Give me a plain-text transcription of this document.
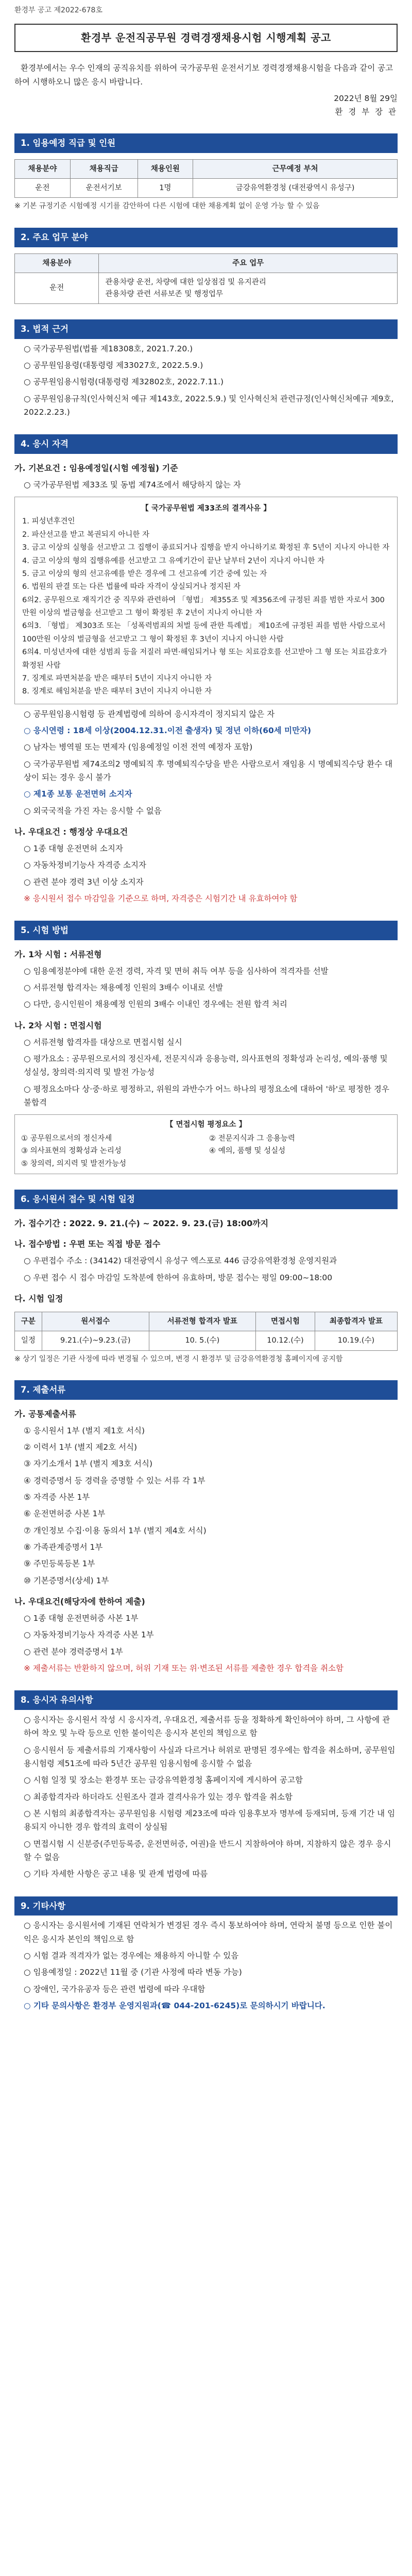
환경부 공고 제2022-678호
환경부 운전직공무원 경력경쟁채용시험 시행계획 공고
환경부에서는 우수 인재의 공직유치를 위하여 국가공무원 운전서기보 경력경쟁채용시험을 다음과 같이 공고하여 시행하오니 많은 응시 바랍니다.
2022년 8월 29일
환 경 부 장 관
1. 임용예정 직급 및 인원
채용분야	채용직급	채용인원	근무예정 부처
운전	운전서기보	1명	금강유역환경청 (대전광역시 유성구)
※ 기본 규정기준 시험예정 시기를 감안하여 다른 시험에 대한 채용계획 없이 운영 가능 할 수 있음
2. 주요 업무 분야
채용분야	주요 업무
운전	관용차량 운전, 차량에 대한 일상점검 및 유지관리
관용차량 관련 서류보존 및 행정업무
3. 법적 근거
○ 국가공무원법(법률 제18308호, 2021.7.20.)
○ 공무원임용령(대통령령 제33027호, 2022.5.9.)
○ 공무원임용시험령(대통령령 제32802호, 2022.7.11.)
○ 공무원임용규칙(인사혁신처 예규 제143호, 2022.5.9.) 및 인사혁신처 관련규정(인사혁신처예규 제9호, 2022.2.23.)
4. 응시 자격
가. 기본요건 : 임용예정일(시험 예정월) 기준
○ 국가공무원법 제33조 및 동법 제74조에서 해당하지 않는 자
【 국가공무원법 제33조의 결격사유 】
1. 피성년후견인
2. 파산선고를 받고 복권되지 아니한 자
3. 금고 이상의 실형을 선고받고 그 집행이 종료되거나 집행을 받지 아니하기로 확정된 후 5년이 지나지 아니한 자
4. 금고 이상의 형의 집행유예를 선고받고 그 유예기간이 끝난 날부터 2년이 지나지 아니한 자
5. 금고 이상의 형의 선고유예를 받은 경우에 그 선고유예 기간 중에 있는 자
6. 법원의 판결 또는 다른 법률에 따라 자격이 상실되거나 정지된 자
6의2. 공무원으로 재직기간 중 직무와 관련하여 「형법」 제355조 및 제356조에 규정된 죄를 범한 자로서 300만원 이상의 벌금형을 선고받고 그 형이 확정된 후 2년이 지나지 아니한 자
6의3. 「형법」 제303조 또는 「성폭력범죄의 처벌 등에 관한 특례법」 제10조에 규정된 죄를 범한 사람으로서 100만원 이상의 벌금형을 선고받고 그 형이 확정된 후 3년이 지나지 아니한 사람
6의4. 미성년자에 대한 성범죄 등을 저질러 파면·해임되거나 형 또는 치료감호를 선고받아 그 형 또는 치료감호가 확정된 사람
7. 징계로 파면처분을 받은 때부터 5년이 지나지 아니한 자
8. 징계로 해임처분을 받은 때부터 3년이 지나지 아니한 자
○ 공무원임용시험령 등 관계법령에 의하여 응시자격이 정지되지 않은 자
○ 응시연령 : 18세 이상(2004.12.31.이전 출생자) 및 정년 이하(60세 미만자)
○ 남자는 병역필 또는 면제자 (임용예정일 이전 전역 예정자 포함)
○ 국가공무원법 제74조의2 명예퇴직 후 명예퇴직수당을 받은 사람으로서 재임용 시 명예퇴직수당 환수 대상이 되는 경우 응시 불가
○ 제1종 보통 운전면허 소지자
○ 외국국적을 가진 자는 응시할 수 없음
나. 우대요건 : 행정상 우대요건
○ 1종 대형 운전면허 소지자
○ 자동차정비기능사 자격증 소지자
○ 관련 분야 경력 3년 이상 소지자
※ 응시원서 접수 마감일을 기준으로 하며, 자격증은 시험기간 내 유효하여야 함
5. 시험 방법
가. 1차 시험 : 서류전형
○ 임용예정분야에 대한 운전 경력, 자격 및 면허 취득 여부 등을 심사하여 적격자를 선발
○ 서류전형 합격자는 채용예정 인원의 3배수 이내로 선발
○ 다만, 응시인원이 채용예정 인원의 3배수 이내인 경우에는 전원 합격 처리
나. 2차 시험 : 면접시험
○ 서류전형 합격자를 대상으로 면접시험 실시
○ 평가요소 : 공무원으로서의 정신자세, 전문지식과 응용능력, 의사표현의 정확성과 논리성, 예의·품행 및 성실성, 창의력·의지력 및 발전 가능성
○ 평정요소마다 상·중·하로 평정하고, 위원의 과반수가 어느 하나의 평정요소에 대하여 '하'로 평정한 경우 불합격
【 면접시험 평정요소 】
① 공무원으로서의 정신자세	② 전문지식과 그 응용능력
③ 의사표현의 정확성과 논리성	④ 예의, 품행 및 성실성
⑤ 창의력, 의지력 및 발전가능성
6. 응시원서 접수 및 시험 일정
가. 접수기간 : 2022. 9. 21.(수) ~ 2022. 9. 23.(금) 18:00까지
나. 접수방법 : 우편 또는 직접 방문 접수
○ 우편접수 주소 : (34142) 대전광역시 유성구 엑스포로 446 금강유역환경청 운영지원과
○ 우편 접수 시 접수 마감일 도착분에 한하여 유효하며, 방문 접수는 평일 09:00~18:00
다. 시험 일정
구분	원서접수	서류전형 합격자 발표	면접시험	최종합격자 발표
일정	9.21.(수)~9.23.(금)	10. 5.(수)	10.12.(수)	10.19.(수)
※ 상기 일정은 기관 사정에 따라 변경될 수 있으며, 변경 시 환경부 및 금강유역환경청 홈페이지에 공지함
7. 제출서류
가. 공통제출서류
① 응시원서 1부 (별지 제1호 서식)
② 이력서 1부 (별지 제2호 서식)
③ 자기소개서 1부 (별지 제3호 서식)
④ 경력증명서 등 경력을 증명할 수 있는 서류 각 1부
⑤ 자격증 사본 1부
⑥ 운전면허증 사본 1부
⑦ 개인정보 수집·이용 동의서 1부 (별지 제4호 서식)
⑧ 가족관계증명서 1부
⑨ 주민등록등본 1부
⑩ 기본증명서(상세) 1부
나. 우대요건(해당자에 한하여 제출)
○ 1종 대형 운전면허증 사본 1부
○ 자동차정비기능사 자격증 사본 1부
○ 관련 분야 경력증명서 1부
※ 제출서류는 반환하지 않으며, 허위 기재 또는 위·변조된 서류를 제출한 경우 합격을 취소함
8. 응시자 유의사항
○ 응시자는 응시원서 작성 시 응시자격, 우대요건, 제출서류 등을 정확하게 확인하여야 하며, 그 사항에 관하여 착오 및 누락 등으로 인한 불이익은 응시자 본인의 책임으로 함
○ 응시원서 등 제출서류의 기재사항이 사실과 다르거나 허위로 판명된 경우에는 합격을 취소하며, 공무원임용시험령 제51조에 따라 5년간 공무원 임용시험에 응시할 수 없음
○ 시험 일정 및 장소는 환경부 또는 금강유역환경청 홈페이지에 게시하여 공고함
○ 최종합격자라 하더라도 신원조사 결과 결격사유가 있는 경우 합격을 취소함
○ 본 시험의 최종합격자는 공무원임용 시험령 제23조에 따라 임용후보자 명부에 등재되며, 등재 기간 내 임용되지 아니한 경우 합격의 효력이 상실됨
○ 면접시험 시 신분증(주민등록증, 운전면허증, 여권)을 반드시 지참하여야 하며, 지참하지 않은 경우 응시할 수 없음
○ 기타 자세한 사항은 공고 내용 및 관계 법령에 따름
9. 기타사항
○ 응시자는 응시원서에 기재된 연락처가 변경된 경우 즉시 통보하여야 하며, 연락처 불명 등으로 인한 불이익은 응시자 본인의 책임으로 함
○ 시험 결과 적격자가 없는 경우에는 채용하지 아니할 수 있음
○ 임용예정일 : 2022년 11월 중 (기관 사정에 따라 변동 가능)
○ 장애인, 국가유공자 등은 관련 법령에 따라 우대함
○ 기타 문의사항은 환경부 운영지원과(☎ 044-201-6245)로 문의하시기 바랍니다.
